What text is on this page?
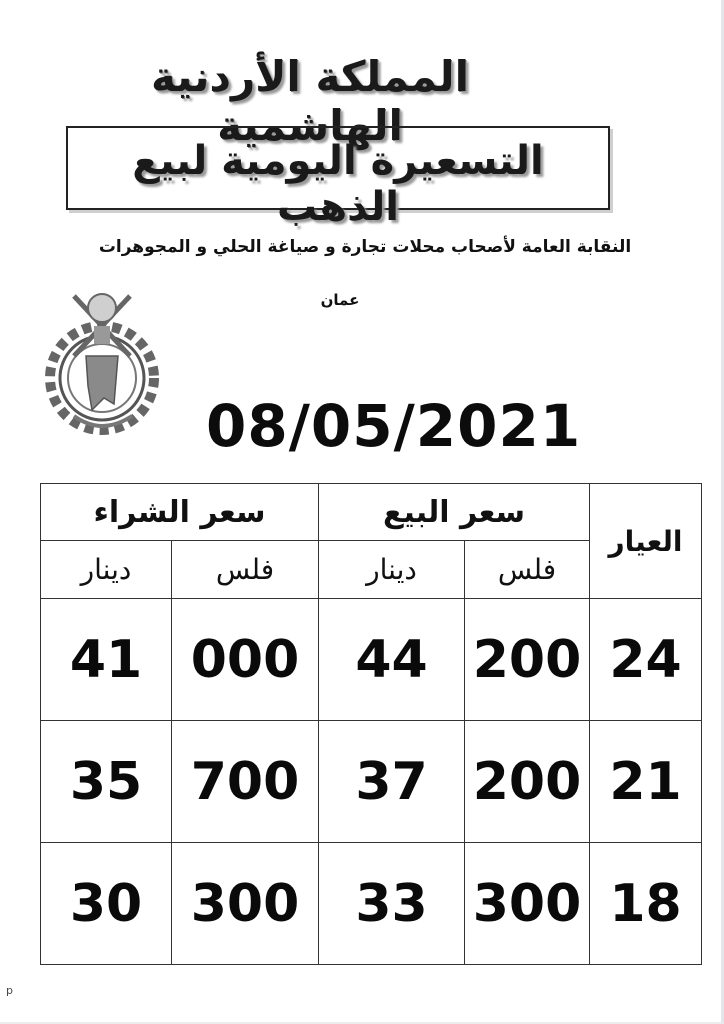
المملكة الأردنية الهاشمية
التسعيرة اليومية لبيع الذهب
النقابة العامة لأصحاب محلات تجارة و صياغة الحلي و المجوهرات
عمان
08/05/2021
سعر الشراء		سعر البيع		العيار
دينار	فلس	دينار	فلس	
41	000	44	200	24
35	700	37	200	21
30	300	33	300	18
p
